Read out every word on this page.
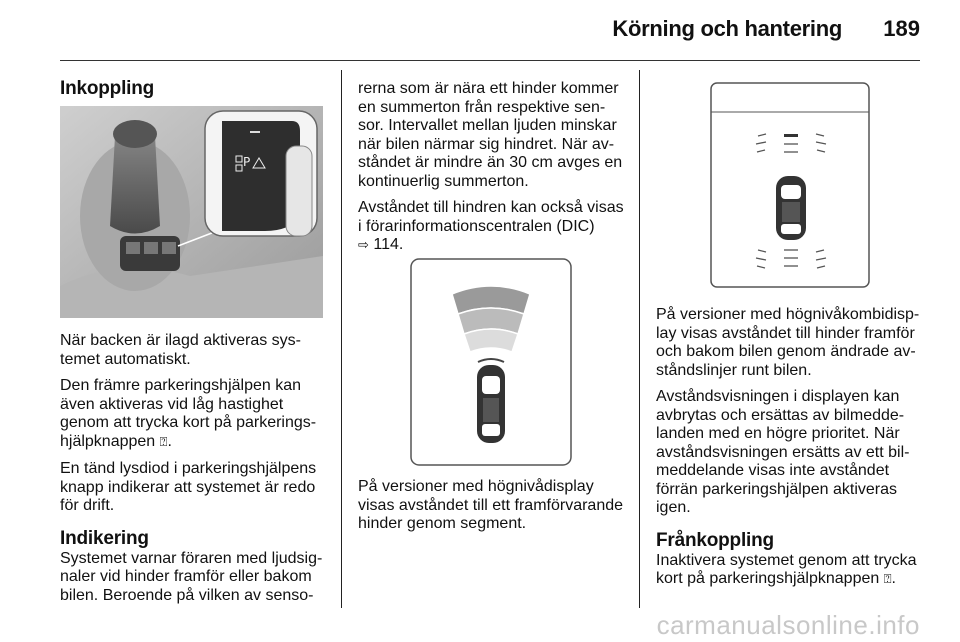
Körning och hantering 189
Inkoppling
P

När backen är ilagd aktiveras sys-temet automatiskt.

Den främre parkeringshjälpen kan även aktiveras vid låg hastighet genom att trycka kort på parkerings-hjälpknappen ⍰.

En tänd lysdiod i parkeringshjälpens knapp indikerar att systemet är redo för drift.

Indikering

Systemet varnar föraren med ljudsig-naler vid hinder framför eller bakom bilen. Beroende på vilken av senso-

rerna som är nära ett hinder kommer en summerton från respektive sen-sor. Intervallet mellan ljuden minskar när bilen närmar sig hindret. När av-ståndet är mindre än 30 cm avges en kontinuerlig summerton.

Avståndet till hindren kan också visas i förarinformationscentralen (DIC)
⇨ 114.

På versioner med högnivådisplay visas avståndet till ett framförvarande hinder genom segment.

På versioner med högnivåkombidisp-lay visas avståndet till hinder framför och bakom bilen genom ändrade av-ståndslinjer runt bilen.

Avståndsvisningen i displayen kan avbrytas och ersättas av bilmedde-landen med en högre prioritet. När avståndsvisningen ersätts av ett bil-meddelande visas inte avståndet förrän parkeringshjälpen aktiveras igen.

Frånkoppling

Inaktivera systemet genom att trycka kort på parkeringshjälpknappen ⍰.

carmanualsonline.info
